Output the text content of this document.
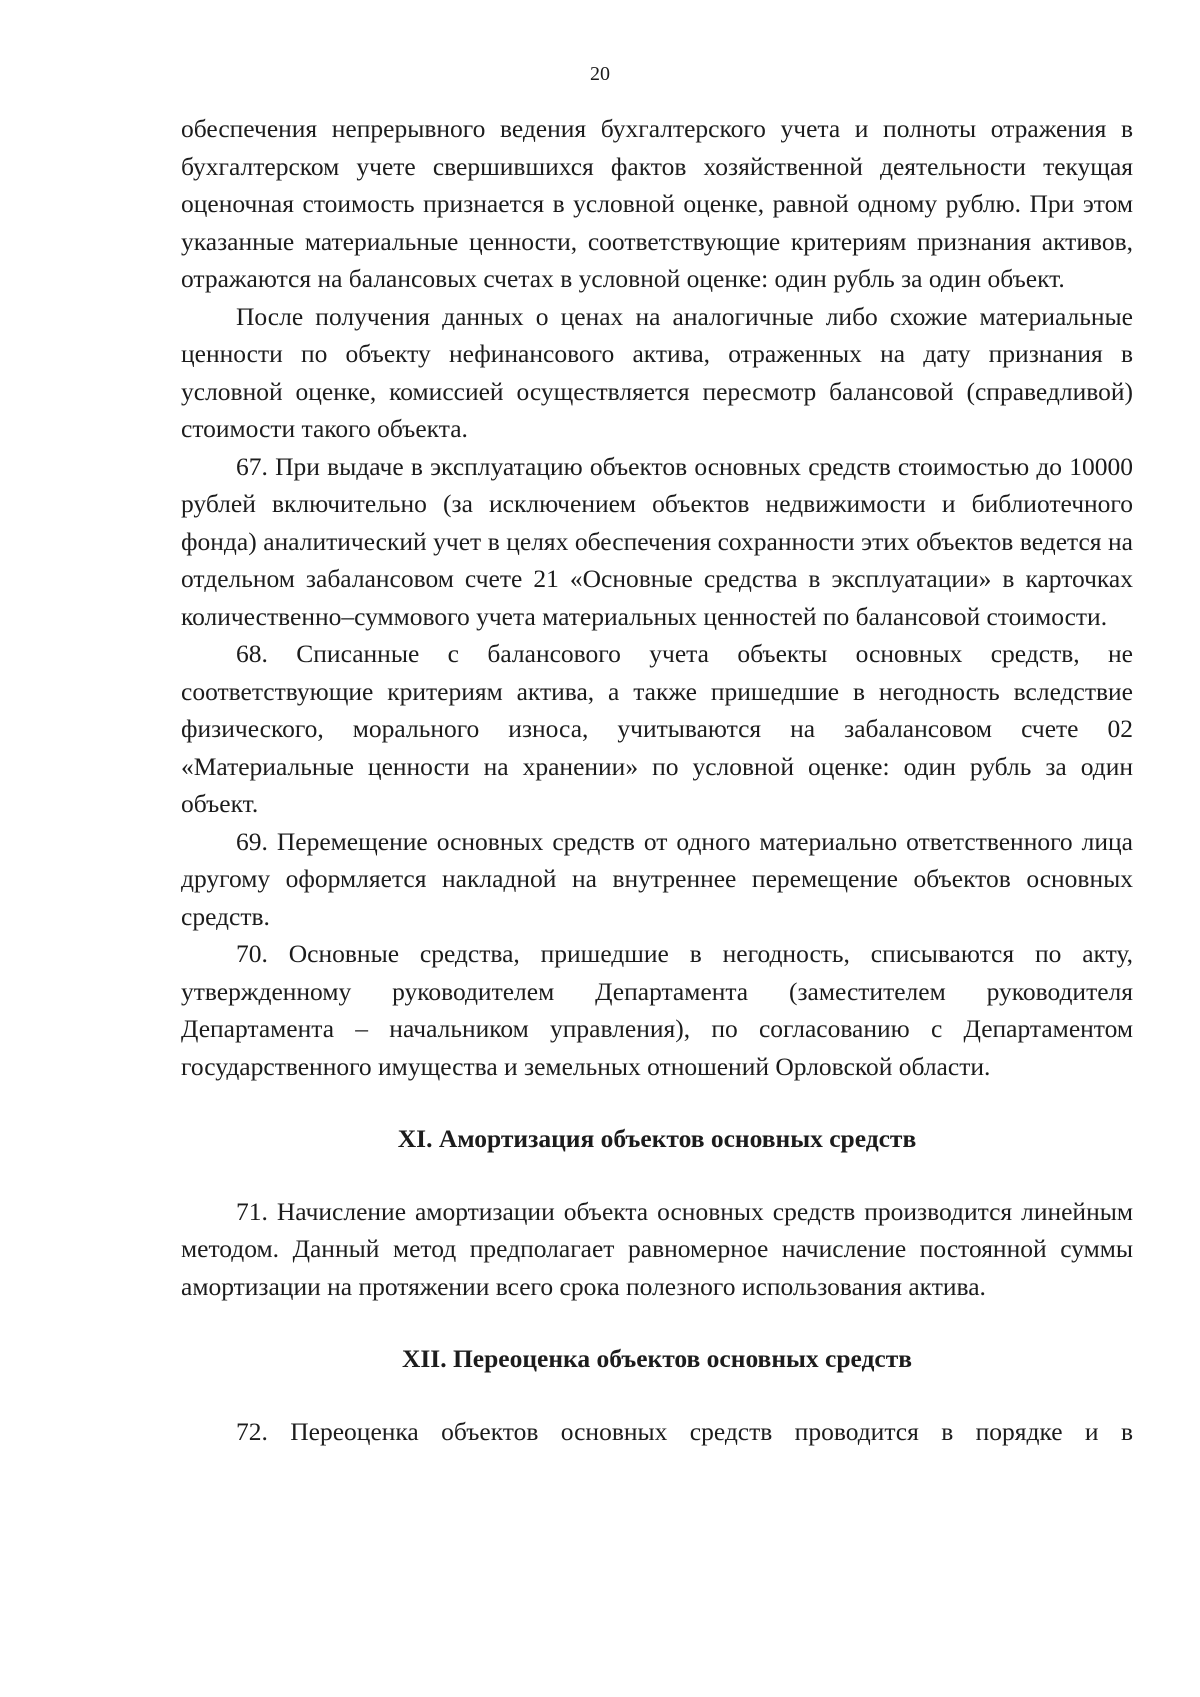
20

обеспечения непрерывного ведения бухгалтерского учета и полноты отражения в бухгалтерском учете свершившихся фактов хозяйственной деятельности текущая оценочная стоимость признается в условной оценке, равной одному рублю. При этом указанные материальные ценности, соответствующие критериям признания активов, отражаются на балансовых счетах в условной оценке: один рубль за один объект.

После получения данных о ценах на аналогичные либо схожие материальные ценности по объекту нефинансового актива, отраженных на дату признания в условной оценке, комиссией осуществляется пересмотр балансовой (справедливой) стоимости такого объекта.

67. При выдаче в эксплуатацию объектов основных средств стоимостью до 10000 рублей включительно (за исключением объектов недвижимости и библиотечного фонда) аналитический учет в целях обеспечения сохранности этих объектов ведется на отдельном забалансовом счете 21 «Основные средства в эксплуатации» в карточках количественно–суммового учета материальных ценностей по балансовой стоимости.

68. Списанные с балансового учета объекты основных средств, не соответствующие критериям актива, а также пришедшие в негодность вследствие физического, морального износа, учитываются на забалансовом счете 02 «Материальные ценности на хранении» по условной оценке: один рубль за один объект.

69. Перемещение основных средств от одного материально ответственного лица другому оформляется накладной на внутреннее перемещение объектов основных средств.

70. Основные средства, пришедшие в негодность, списываются по акту, утвержденному руководителем Департамента (заместителем руководителя Департамента – начальником управления), по согласованию с Департаментом государственного имущества и земельных отношений Орловской области.

XI. Амортизация объектов основных средств

71. Начисление амортизации объекта основных средств производится линейным методом. Данный метод предполагает равномерное начисление постоянной суммы амортизации на протяжении всего срока полезного использования актива.

XII. Переоценка объектов основных средств

72. Переоценка объектов основных средств проводится в порядке и в
